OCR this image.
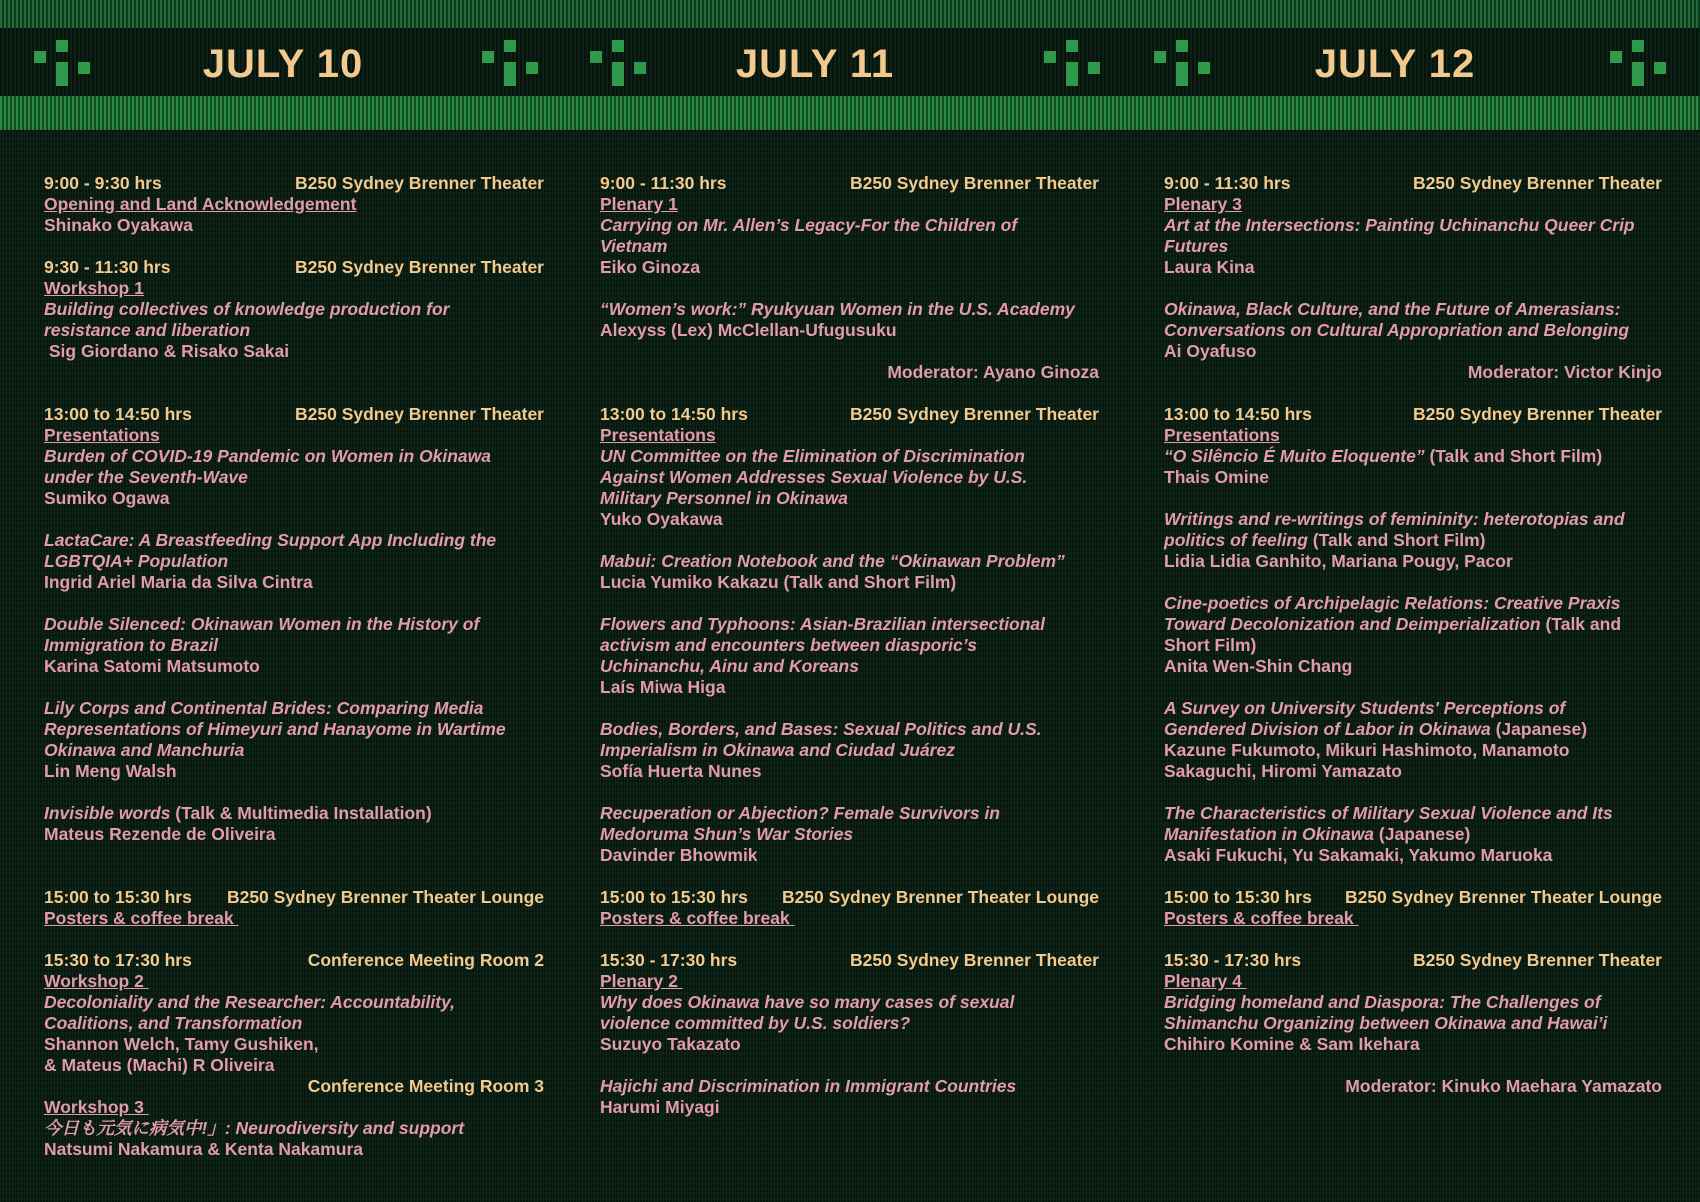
JULY 10	JULY 11	JULY 12
9:00 - 9:30 hrs	B250 Sydney Brenner Theater
Opening and Land Acknowledgement
Shinako Oyakawa
9:30 - 11:30 hrs	B250 Sydney Brenner Theater
Workshop 1
Building collectives of knowledge production for
resistance and liberation
Sig Giordano & Risako Sakai
13:00 to 14:50 hrs	B250 Sydney Brenner Theater
Presentations
Burden of COVID-19 Pandemic on Women in Okinawa
under the Seventh-Wave
Sumiko Ogawa
LactaCare: A Breastfeeding Support App Including the
LGBTQIA+ Population
Ingrid Ariel Maria da Silva Cintra
Double Silenced: Okinawan Women in the History of
Immigration to Brazil
Karina Satomi Matsumoto
Lily Corps and Continental Brides: Comparing Media
Representations of Himeyuri and Hanayome in Wartime
Okinawa and Manchuria
Lin Meng Walsh
Invisible words (Talk & Multimedia Installation)
Mateus Rezende de Oliveira
15:00 to 15:30 hrs B250 Sydney Brenner Theater Lounge
Posters & coffee break
15:30 to 17:30 hrs	Conference Meeting Room 2
Workshop 2
Decoloniality and the Researcher: Accountability,
Coalitions, and Transformation
Shannon Welch, Tamy Gushiken,
& Mateus (Machi) R Oliveira
Conference Meeting Room 3
Workshop 3
今日も元気に病気中!」: Neurodiversity and support
Natsumi Nakamura & Kenta Nakamura
9:00 - 11:30 hrs	B250 Sydney Brenner Theater
Plenary 1
Carrying on Mr. Allen’s Legacy-For the Children of
Vietnam
Eiko Ginoza
“Women’s work:” Ryukyuan Women in the U.S. Academy
Alexyss (Lex) McClellan-Ufugusuku
Moderator: Ayano Ginoza
13:00 to 14:50 hrs	B250 Sydney Brenner Theater
Presentations
UN Committee on the Elimination of Discrimination
Against Women Addresses Sexual Violence by U.S.
Military Personnel in Okinawa
Yuko Oyakawa
Mabui: Creation Notebook and the “Okinawan Problem”
Lucia Yumiko Kakazu (Talk and Short Film)
Flowers and Typhoons: Asian-Brazilian intersectional
activism and encounters between diasporic’s
Uchinanchu, Ainu and Koreans
Laís Miwa Higa
Bodies, Borders, and Bases: Sexual Politics and U.S.
Imperialism in Okinawa and Ciudad Juárez
Sofía Huerta Nunes
Recuperation or Abjection? Female Survivors in
Medoruma Shun’s War Stories
Davinder Bhowmik
15:00 to 15:30 hrs B250 Sydney Brenner Theater Lounge
Posters & coffee break
15:30 - 17:30 hrs	B250 Sydney Brenner Theater
Plenary 2
Why does Okinawa have so many cases of sexual
violence committed by U.S. soldiers?
Suzuyo Takazato
Hajichi and Discrimination in Immigrant Countries
Harumi Miyagi
9:00 - 11:30 hrs	B250 Sydney Brenner Theater
Plenary 3
Art at the Intersections: Painting Uchinanchu Queer Crip
Futures
Laura Kina
Okinawa, Black Culture, and the Future of Amerasians:
Conversations on Cultural Appropriation and Belonging
Ai Oyafuso
Moderator: Victor Kinjo
13:00 to 14:50 hrs	B250 Sydney Brenner Theater
Presentations
“O Silêncio É Muito Eloquente” (Talk and Short Film)
Thais Omine
Writings and re-writings of femininity: heterotopias and
politics of feeling (Talk and Short Film)
Lidia Lidia Ganhito, Mariana Pougy, Pacor
Cine-poetics of Archipelagic Relations: Creative Praxis
Toward Decolonization and Deimperialization (Talk and
Short Film)
Anita Wen-Shin Chang
A Survey on University Students' Perceptions of
Gendered Division of Labor in Okinawa (Japanese)
Kazune Fukumoto, Mikuri Hashimoto, Manamoto
Sakaguchi, Hiromi Yamazato
The Characteristics of Military Sexual Violence and Its
Manifestation in Okinawa (Japanese)
Asaki Fukuchi, Yu Sakamaki, Yakumo Maruoka
15:00 to 15:30 hrs B250 Sydney Brenner Theater Lounge
Posters & coffee break
15:30 - 17:30 hrs	B250 Sydney Brenner Theater
Plenary 4
Bridging homeland and Diaspora: The Challenges of
Shimanchu Organizing between Okinawa and Hawai’i
Chihiro Komine & Sam Ikehara
Moderator: Kinuko Maehara Yamazato
